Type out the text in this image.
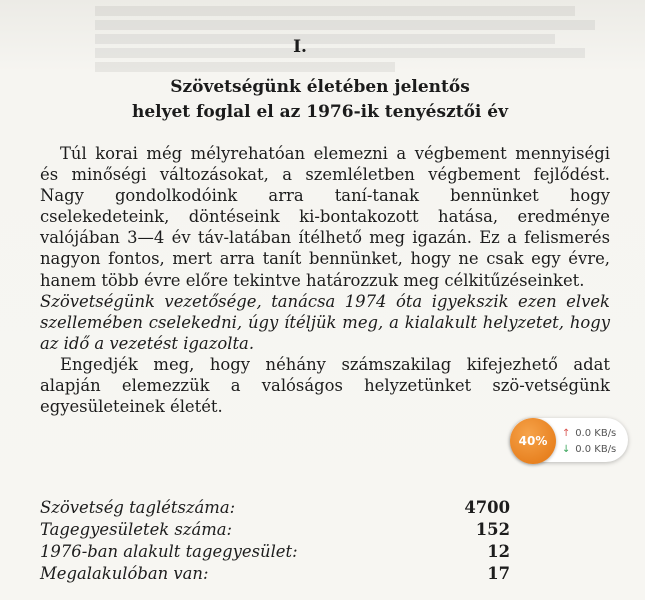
I.
Szövetségünk életében jelentős
helyet foglal el az 1976-ik tenyésztői év

Túl korai még mélyrehatóan elemezni a végbement mennyiségi és minőségi változásokat, a szemléletben végbement fejlődést. Nagy gondolkodóink arra taní-tanak bennünket hogy cselekedeteink, döntéseink ki-bontakozott hatása, eredménye valójában 3—4 év táv-latában ítélhető meg igazán. Ez a felismerés nagyon fontos, mert arra tanít bennünket, hogy ne csak egy évre, hanem több évre előre tekintve határozzuk meg célkitűzéseinket.

Szövetségünk vezetősége, tanácsa 1974 óta igyekszik ezen elvek szellemében cselekedni, úgy ítéljük meg, a kialakult helyzetet, hogy az idő a vezetést igazolta.

Engedjék meg, hogy néhány számszakilag kifejezhető adat alapján elemezzük a valóságos helyzetünket szö-vetségünk egyesületeinek életét.

Szövetség taglétszáma:	4700
Tagegyesületek száma:	152
1976-ban alakult tagegyesület:	12
Megalakulóban van:	17
40%
↑ 0.0 KB/s
↓ 0.0 KB/s
